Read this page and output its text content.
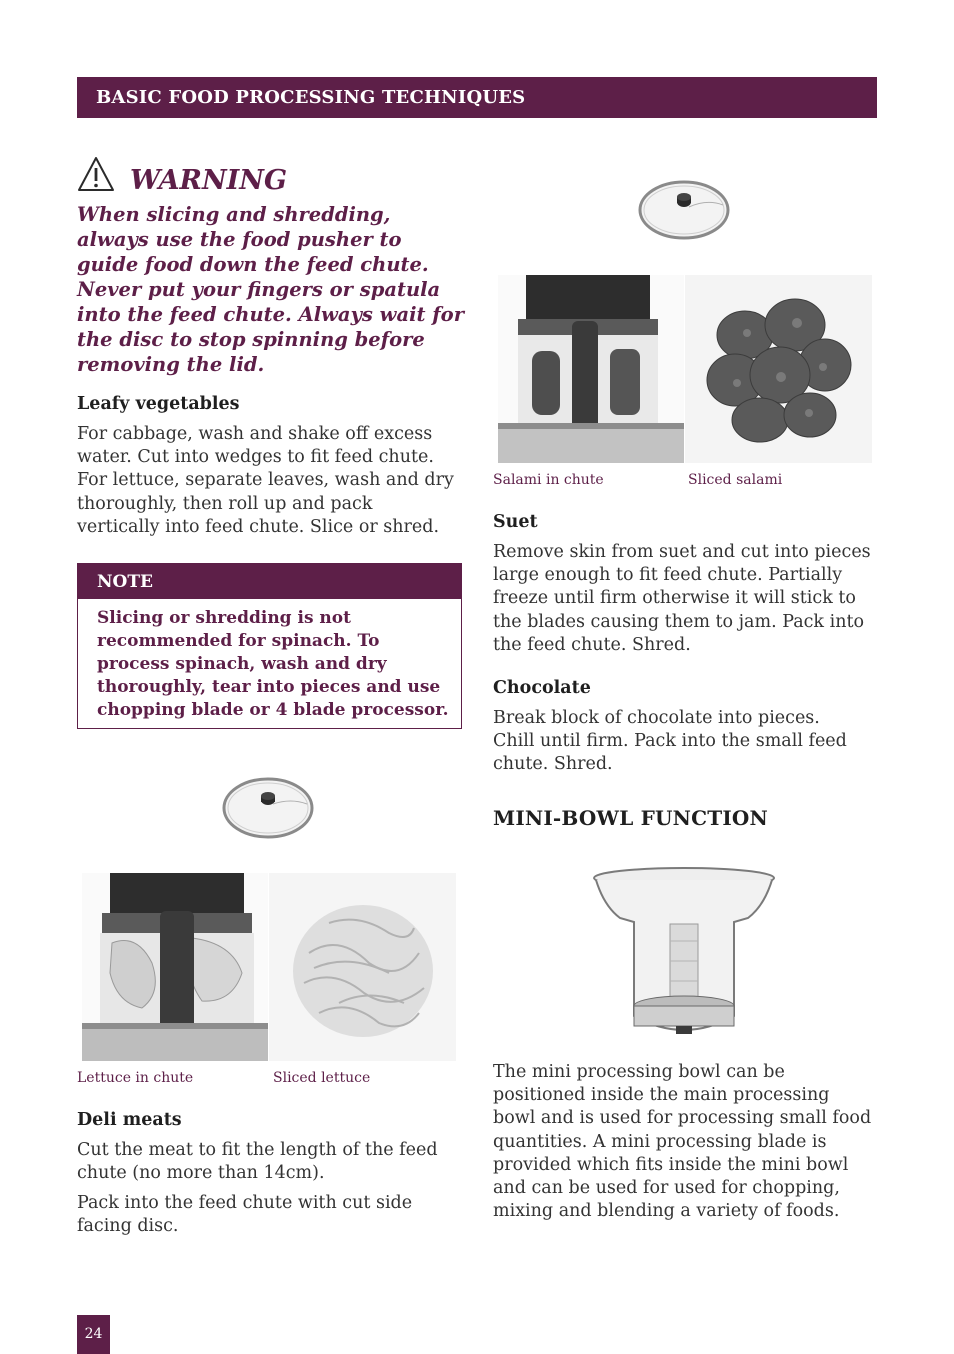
BASIC FOOD PROCESSING TECHNIQUES
WARNING
When slicing and shredding, always use the food pusher to guide food down the feed chute. Never put your fingers or spatula into the feed chute. Always wait for the disc to stop spinning before removing the lid.
Leafy vegetables
For cabbage, wash and shake off excess water. Cut into wedges to fit feed chute. For lettuce, separate leaves, wash and dry thoroughly, then roll up and pack vertically into feed chute. Slice or shred.
NOTE
Slicing or shredding is not recommended for spinach. To process spinach, wash and dry thoroughly, tear into pieces and use chopping blade or 4 blade processor.
Lettuce in chute	Sliced lettuce
Deli meats
Cut the meat to fit the length of the feed chute (no more than 14cm).
Pack into the feed chute with cut side facing disc.
Salami in chute	Sliced salami
Suet
Remove skin from suet and cut into pieces large enough to fit feed chute. Partially freeze until firm otherwise it will stick to the blades causing them to jam. Pack into the feed chute. Shred.
Chocolate
Break block of chocolate into pieces. Chill until firm. Pack into the small feed chute. Shred.
MINI-BOWL FUNCTION
The mini processing bowl can be positioned inside the main processing bowl and is used for processing small food quantities. A mini processing blade is provided which fits inside the mini bowl and can be used for used for chopping, mixing and blending a variety of foods.
24
